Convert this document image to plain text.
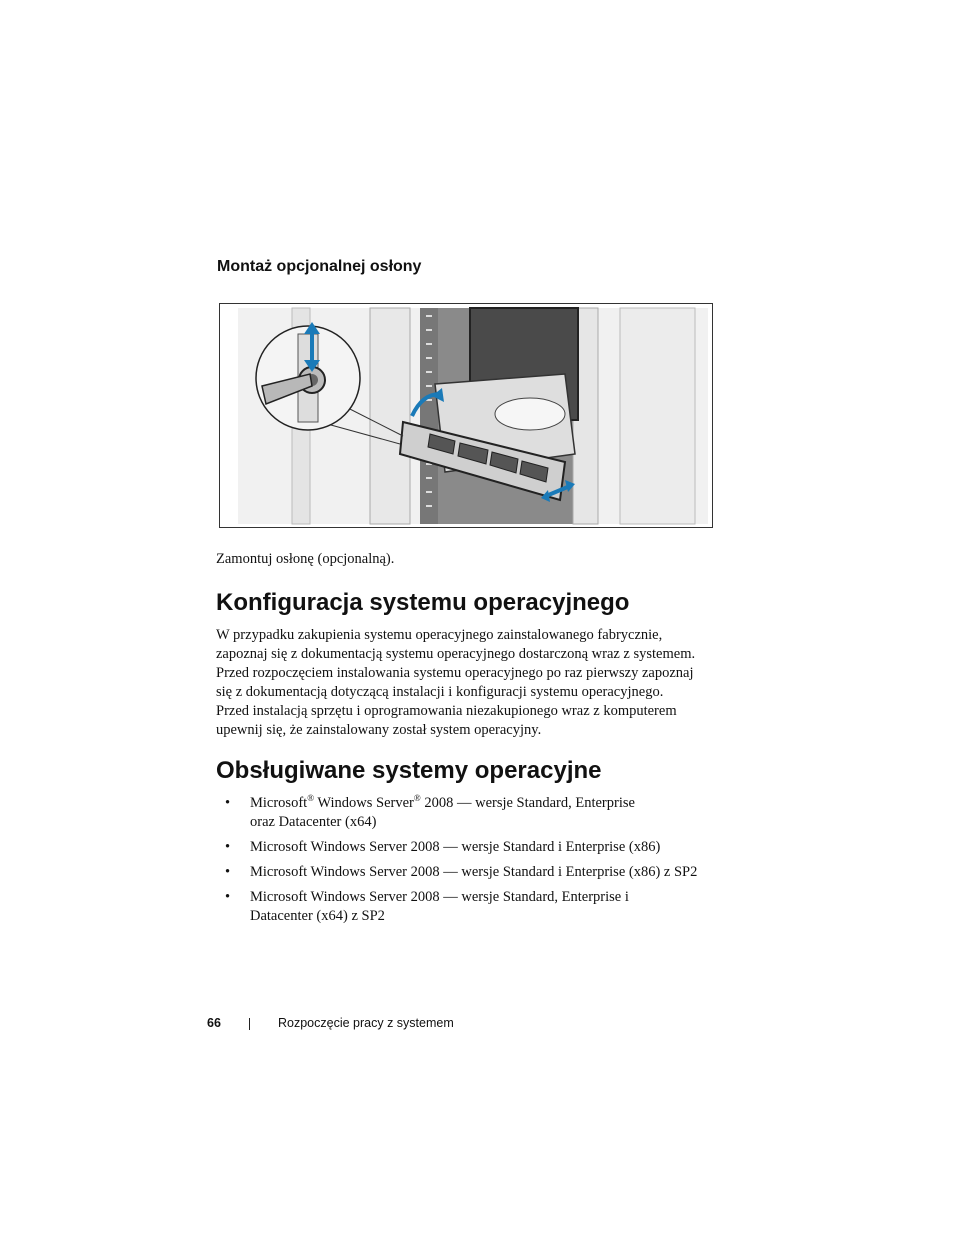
Montaż opcjonalnej osłony

Zamontuj osłonę (opcjonalną).

Konfiguracja systemu operacyjnego

W przypadku zakupienia systemu operacyjnego zainstalowanego fabrycznie,
zapoznaj się z dokumentacją systemu operacyjnego dostarczoną wraz z systemem.
Przed rozpoczęciem instalowania systemu operacyjnego po raz pierwszy zapoznaj
się z dokumentacją dotyczącą instalacji i konfiguracji systemu operacyjnego.
Przed instalacją sprzętu i oprogramowania niezakupionego wraz z komputerem
upewnij się, że zainstalowany został system operacyjny.

Obsługiwane systemy operacyjne
• Microsoft® Windows Server® 2008 — wersje Standard, Enterprise
oraz Datacenter (x64)
• Microsoft Windows Server 2008 — wersje Standard i Enterprise (x86)
• Microsoft Windows Server 2008 — wersje Standard i Enterprise (x86) z SP2
• Microsoft Windows Server 2008 — wersje Standard, Enterprise i
Datacenter (x64) z SP2
66	Rozpoczęcie pracy z systemem
